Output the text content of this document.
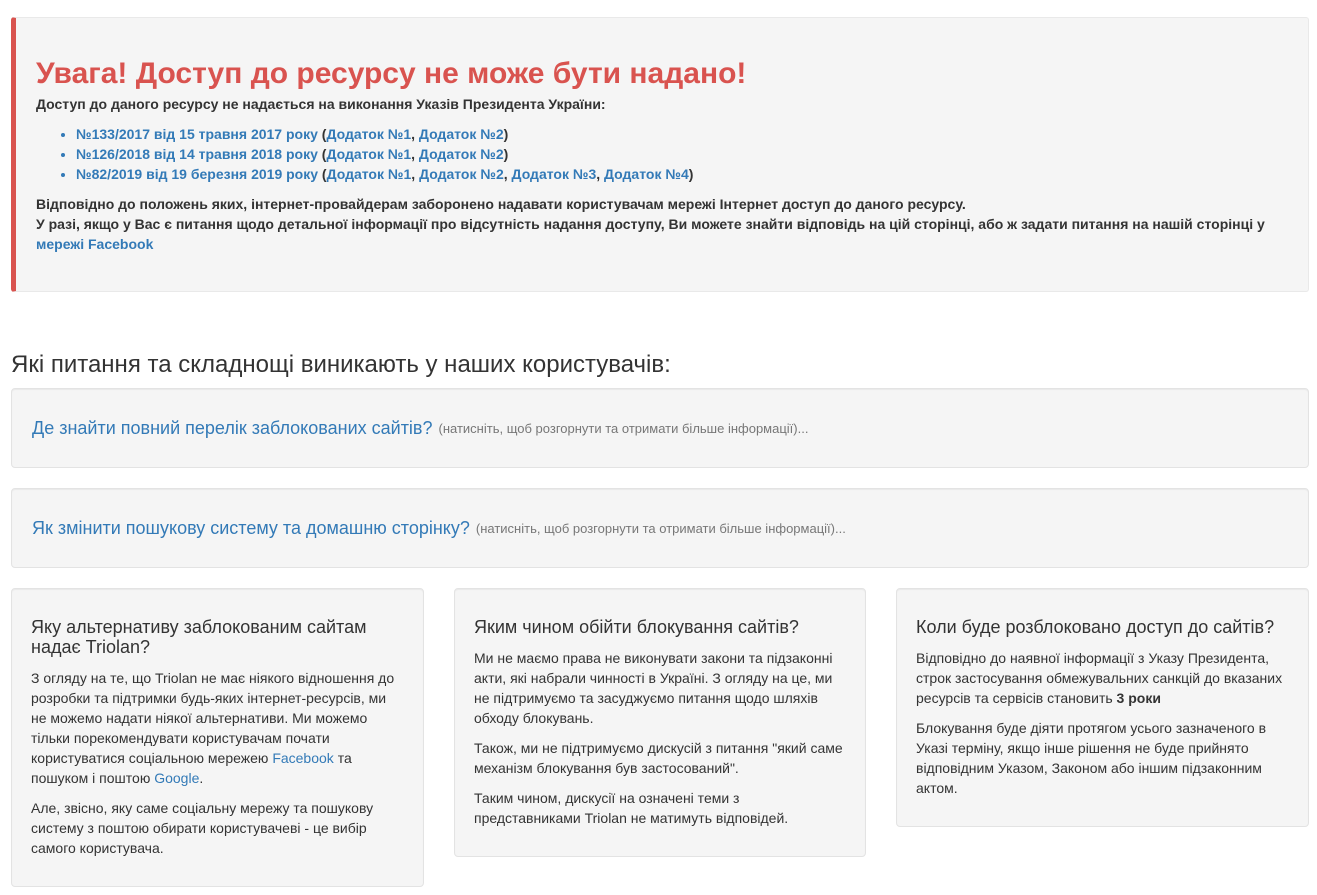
Увага! Доступ до ресурсу не може бути надано!

Доступ до даного ресурсу не надається на виконання Указів Президента України:

• №133/2017 від 15 травня 2017 року (Додаток №1, Додаток №2)
• №126/2018 від 14 травня 2018 року (Додаток №1, Додаток №2)
• №82/2019 від 19 березня 2019 року (Додаток №1, Додаток №2, Додаток №3, Додаток №4)

Відповідно до положень яких, інтернет-провайдерам заборонено надавати користувачам мережі Інтернет доступ до даного ресурсу.

У разі, якщо у Вас є питання щодо детальної інформації про відсутність надання доступу, Ви можете знайти відповідь на цій сторінці, або ж задати питання на нашій сторінці у мережі Facebook

Які питання та складнощі виникають у наших користувачів:
Де знайти повний перелік заблокованих сайтів? (натисніть, щоб розгорнути та отримати більше інформації)...
Як змінити пошукову систему та домашню сторінку? (натисніть, щоб розгорнути та отримати більше інформації)...
Яку альтернативу заблокованим сайтам надає Triolan?

З огляду на те, що Triolan не має ніякого відношення до розробки та підтримки будь-яких інтернет-ресурсів, ми не можемо надати ніякої альтернативи. Ми можемо тільки порекомендувати користувачам почати користуватися соціальною мережею Facebook та пошуком і поштою Google.

Але, звісно, яку саме соціальну мережу та пошукову систему з поштою обирати користувачеві - це вибір самого користувача.

Яким чином обійти блокування сайтів?

Ми не маємо права не виконувати закони та підзаконні акти, які набрали чинності в Україні. З огляду на це, ми не підтримуємо та засуджуємо питання щодо шляхів обходу блокувань.

Також, ми не підтримуємо дискусій з питання "який саме механізм блокування був застосований".

Таким чином, дискусії на означені теми з представниками Triolan не матимуть відповідей.

Коли буде розблоковано доступ до сайтів?

Відповідно до наявної інформації з Указу Президента, строк застосування обмежувальних санкцій до вказаних ресурсів та сервісів становить 3 роки

Блокування буде діяти протягом усього зазначеного в Указі терміну, якщо інше рішення не буде прийнято відповідним Указом, Законом або іншим підзаконним актом.
